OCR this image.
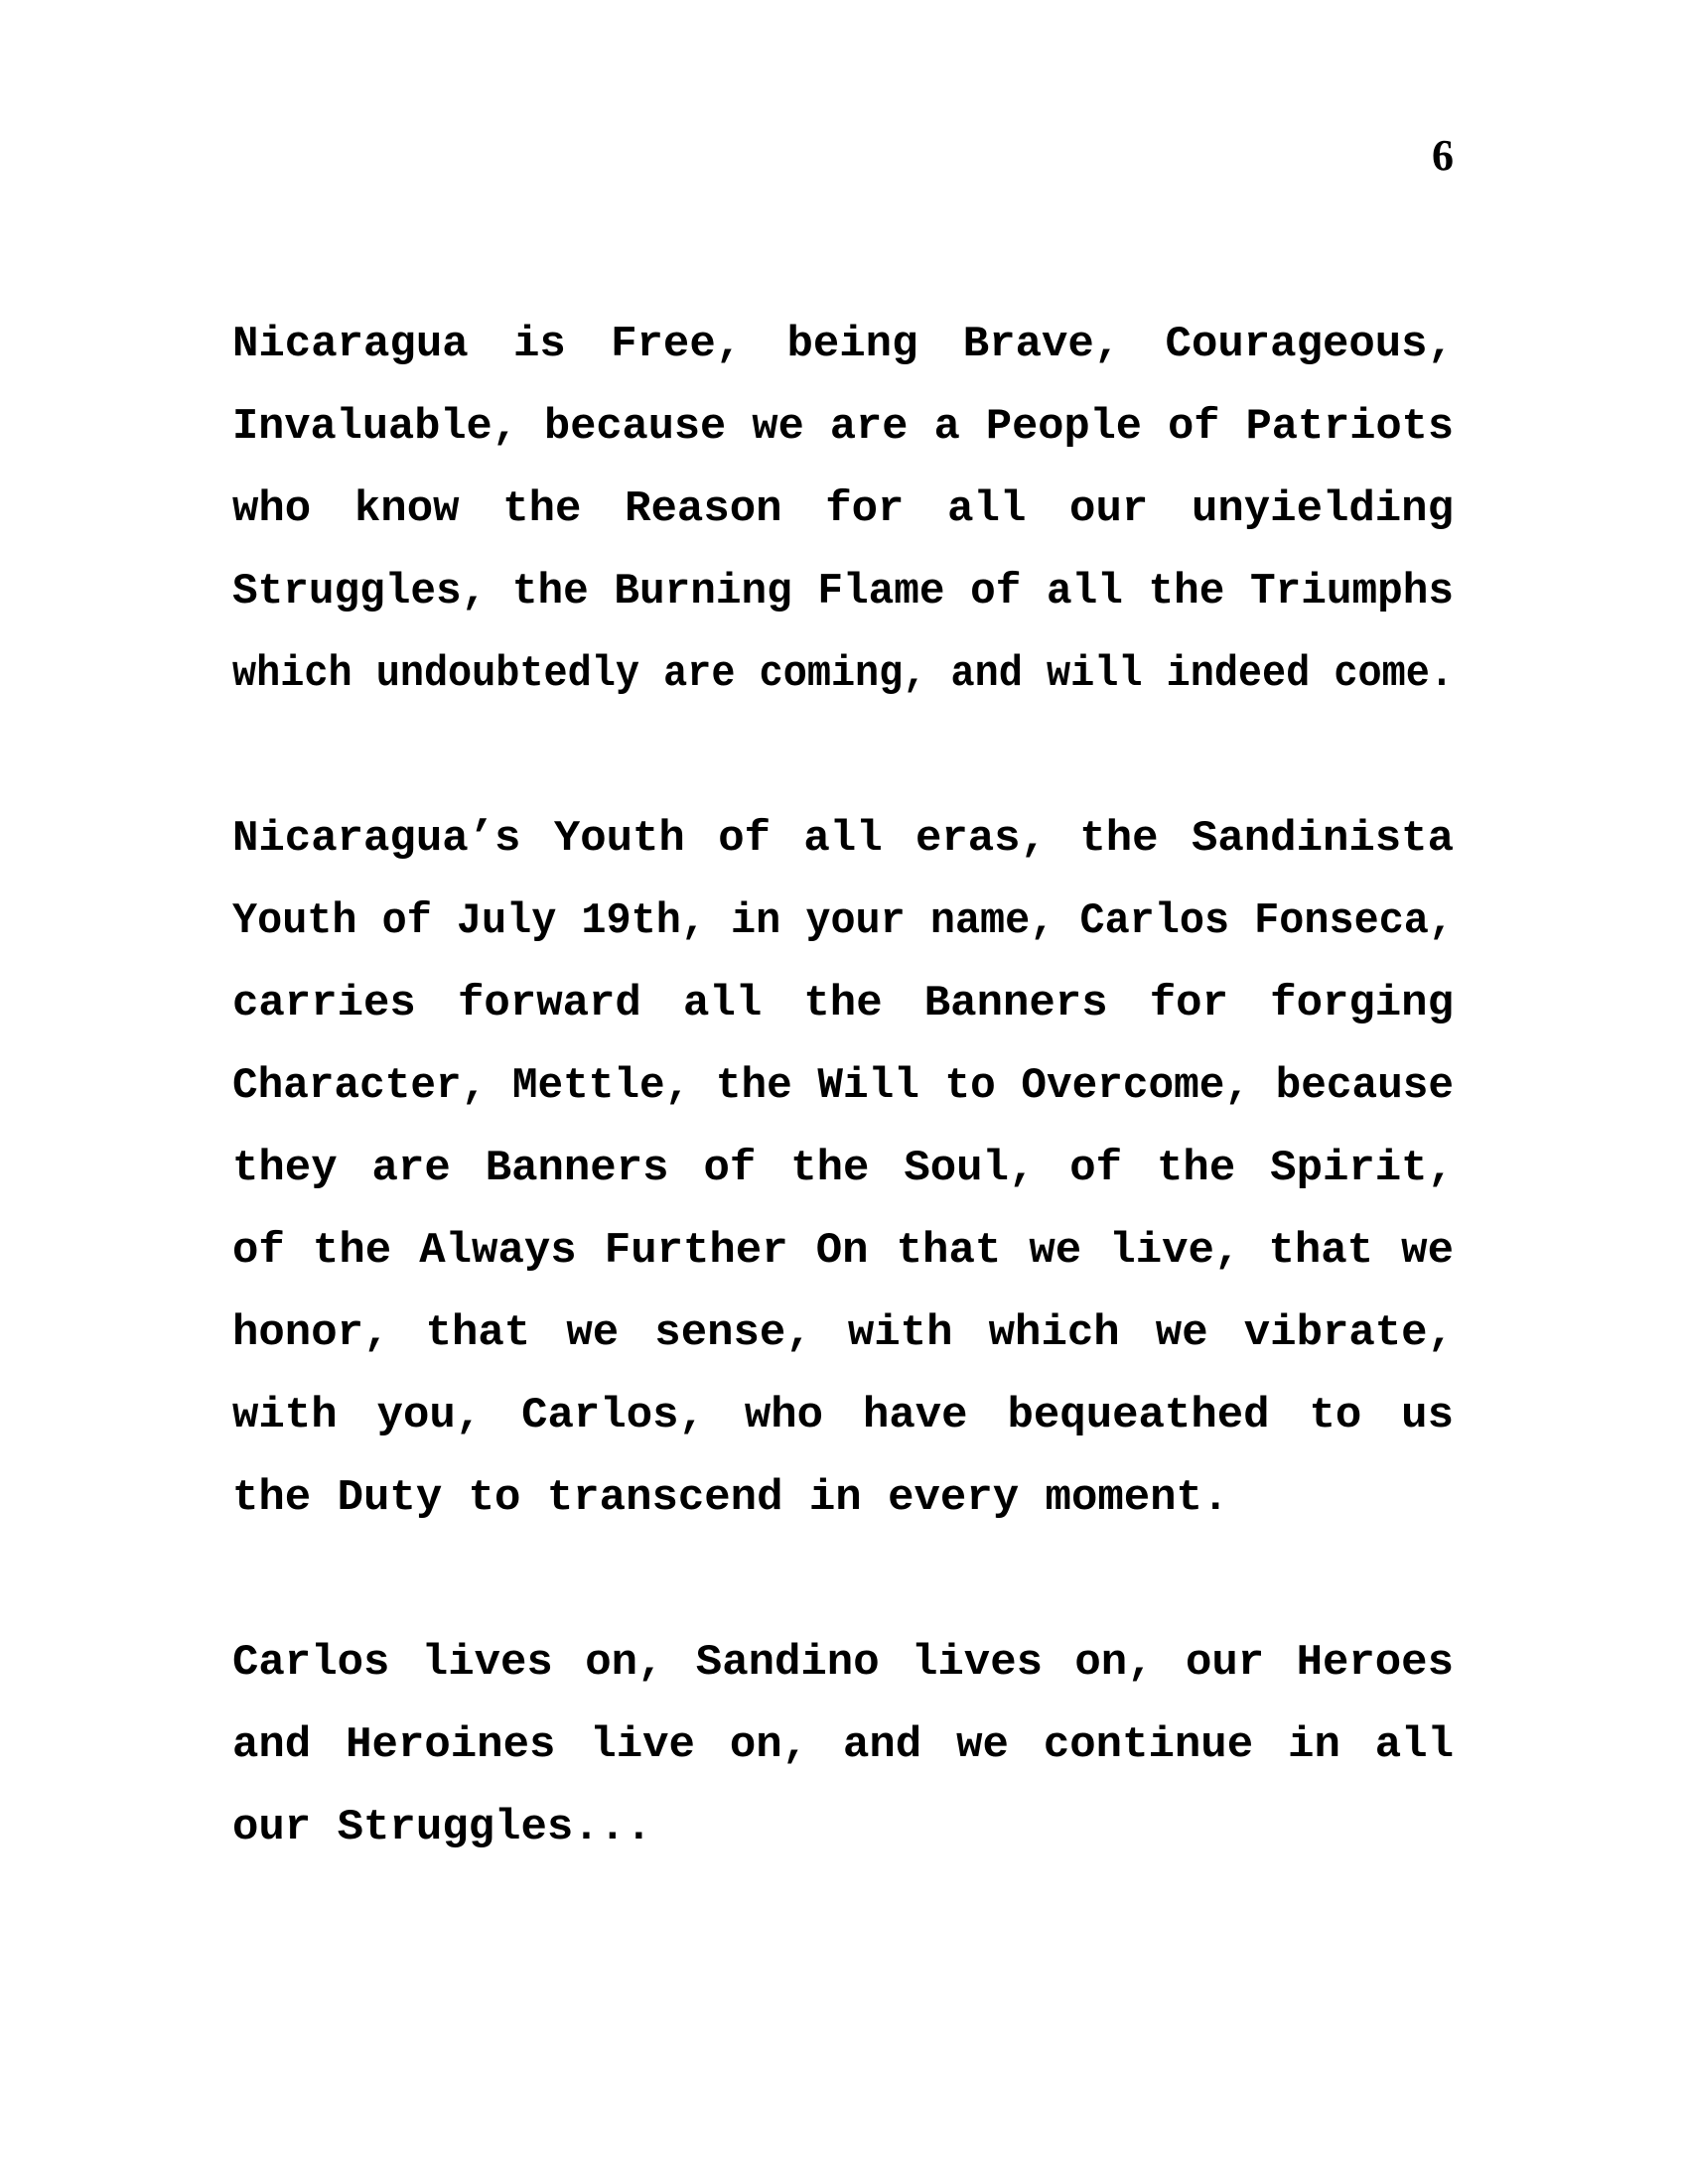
6
Nicaragua is Free, being Brave, Courageous,
Invaluable, because we are a People of Patriots
who know the Reason for all our unyielding
Struggles, the Burning Flame of all the Triumphs
which undoubtedly are coming, and will indeed come.
Nicaragua’s Youth of all eras, the Sandinista
Youth of July 19th, in your name, Carlos Fonseca,
carries forward all the Banners for forging
Character, Mettle, the Will to Overcome, because
they are Banners of the Soul, of the Spirit,
of the Always Further On that we live, that we
honor, that we sense, with which we vibrate,
with you, Carlos, who have bequeathed to us
the Duty to transcend in every moment.
Carlos lives on, Sandino lives on, our Heroes
and Heroines live on, and we continue in all
our Struggles...
